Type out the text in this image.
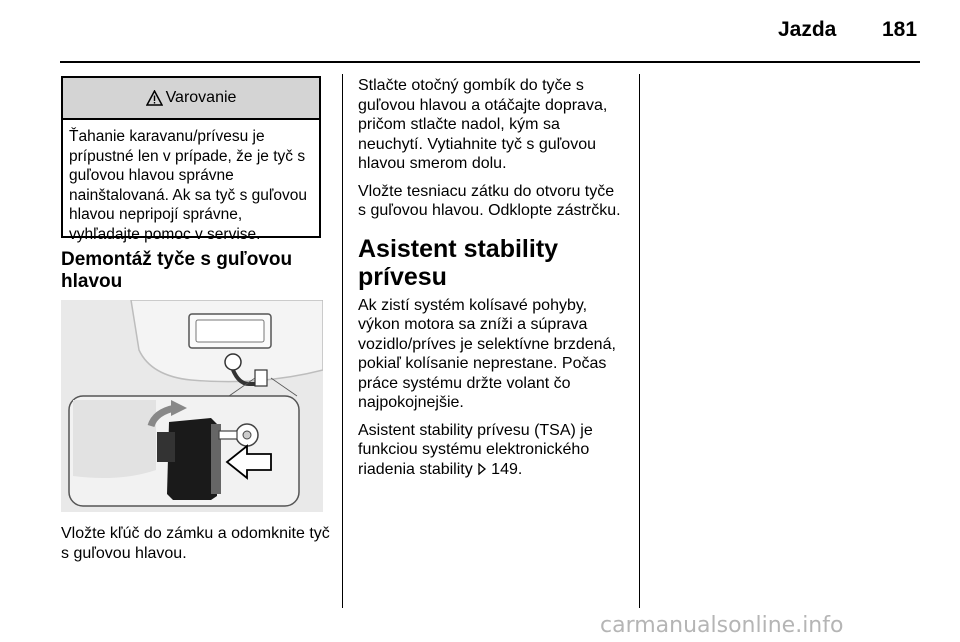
Jazda 181
Varovanie
Ťahanie karavanu/prívesu je
prípustné len v prípade, že je tyč s
guľovou hlavou správne
nainštalovaná. Ak sa tyč s guľovou
hlavou nepripojí správne,
vyhľadajte pomoc v servise.
Demontáž tyče s guľovou
hlavou
Vložte kľúč do zámku a odomknite tyč
s guľovou hlavou.

Stlačte otočný gombík do tyče s
guľovou hlavou a otáčajte doprava,
pričom stlačte nadol, kým sa
neuchytí. Vytiahnite tyč s guľovou
hlavou smerom dolu.

Vložte tesniacu zátku do otvoru tyče
s guľovou hlavou. Odklopte zástrčku.

Asistent stability prívesu

Ak zistí systém kolísavé pohyby,
výkon motora sa zníži a súprava
vozidlo/príves je selektívne brzdená,
pokiaľ kolísanie neprestane. Počas
práce systému držte volant čo
najpokojnejšie.

Asistent stability prívesu (TSA) je
funkciou systému elektronického
riadenia stability 149.

carmanualsonline.info
